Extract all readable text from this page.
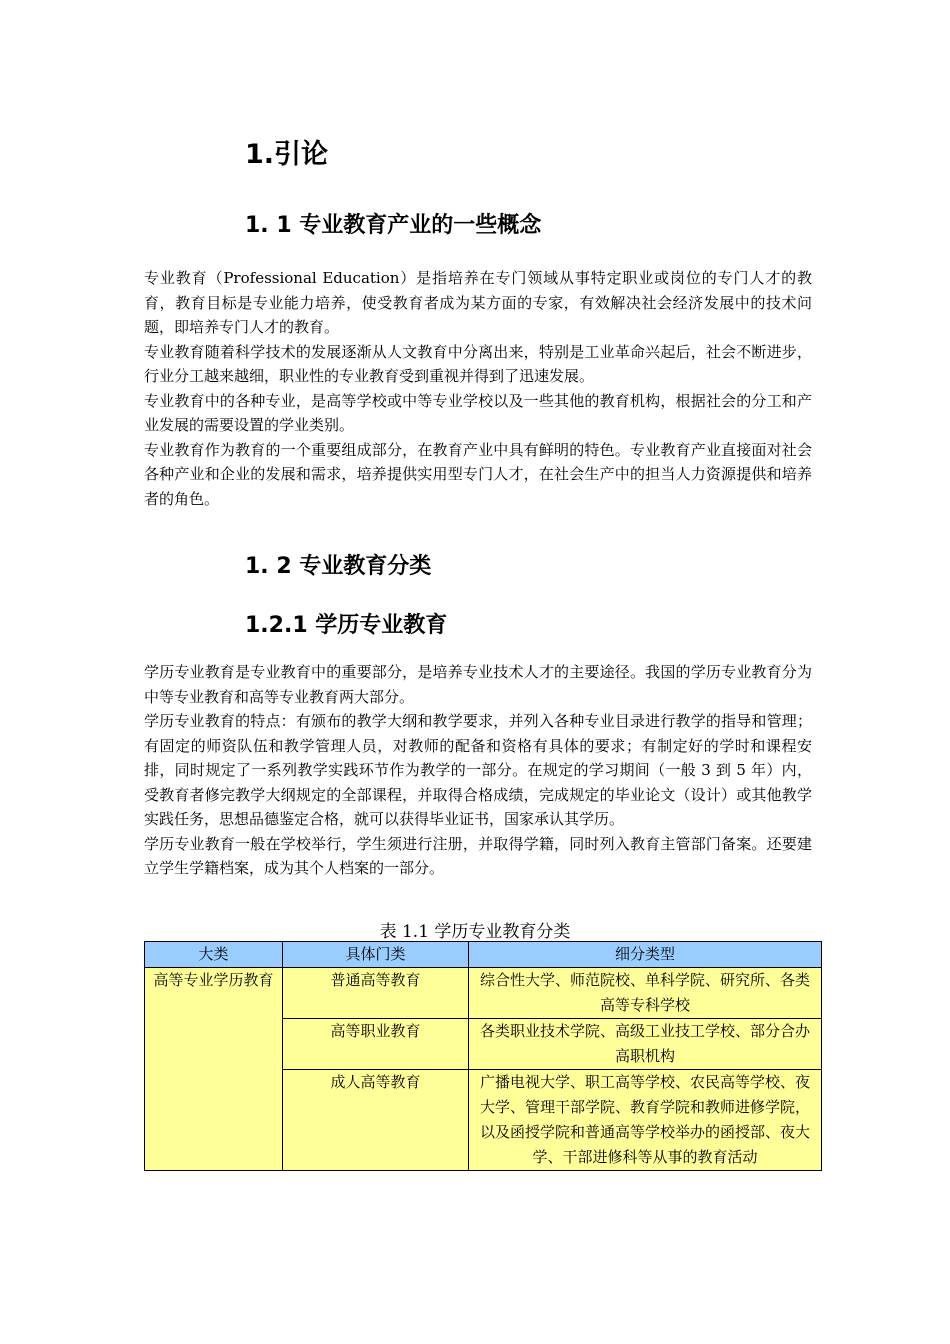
1.引论
1. 1 专业教育产业的一些概念

专业教育（Professional Education）是指培养在专门领域从事特定职业或岗位的专门人才的教育，教育目标是专业能力培养，使受教育者成为某方面的专家，有效解决社会经济发展中的技术问题，即培养专门人才的教育。

专业教育随着科学技术的发展逐渐从人文教育中分离出来，特别是工业革命兴起后，社会不断进步，行业分工越来越细，职业性的专业教育受到重视并得到了迅速发展。

专业教育中的各种专业，是高等学校或中等专业学校以及一些其他的教育机构，根据社会的分工和产业发展的需要设置的学业类别。

专业教育作为教育的一个重要组成部分，在教育产业中具有鲜明的特色。专业教育产业直接面对社会各种产业和企业的发展和需求，培养提供实用型专门人才，在社会生产中的担当人力资源提供和培养者的角色。

1. 2 专业教育分类
1.2.1 学历专业教育

学历专业教育是专业教育中的重要部分，是培养专业技术人才的主要途径。我国的学历专业教育分为中等专业教育和高等专业教育两大部分。

学历专业教育的特点：有颁布的教学大纲和教学要求，并列入各种专业目录进行教学的指导和管理；有固定的师资队伍和教学管理人员，对教师的配备和资格有具体的要求；有制定好的学时和课程安排，同时规定了一系列教学实践环节作为教学的一部分。在规定的学习期间（一般 3 到 5 年）内，受教育者修完教学大纲规定的全部课程，并取得合格成绩，完成规定的毕业论文（设计）或其他教学实践任务，思想品德鉴定合格，就可以获得毕业证书，国家承认其学历。

学历专业教育一般在学校举行，学生须进行注册，并取得学籍，同时列入教育主管部门备案。还要建立学生学籍档案，成为其个人档案的一部分。

表 1.1 学历专业教育分类
大类	具体门类	细分类型
高等专业学历教育	普通高等教育	综合性大学、师范院校、单科学院、研究所、各类高等专科学校
	高等职业教育	各类职业技术学院、高级工业技工学校、部分合办高职机构
	成人高等教育	广播电视大学、职工高等学校、农民高等学校、夜大学、管理干部学院、教育学院和教师进修学院，以及函授学院和普通高等学校举办的函授部、夜大学、干部进修科等从事的教育活动
